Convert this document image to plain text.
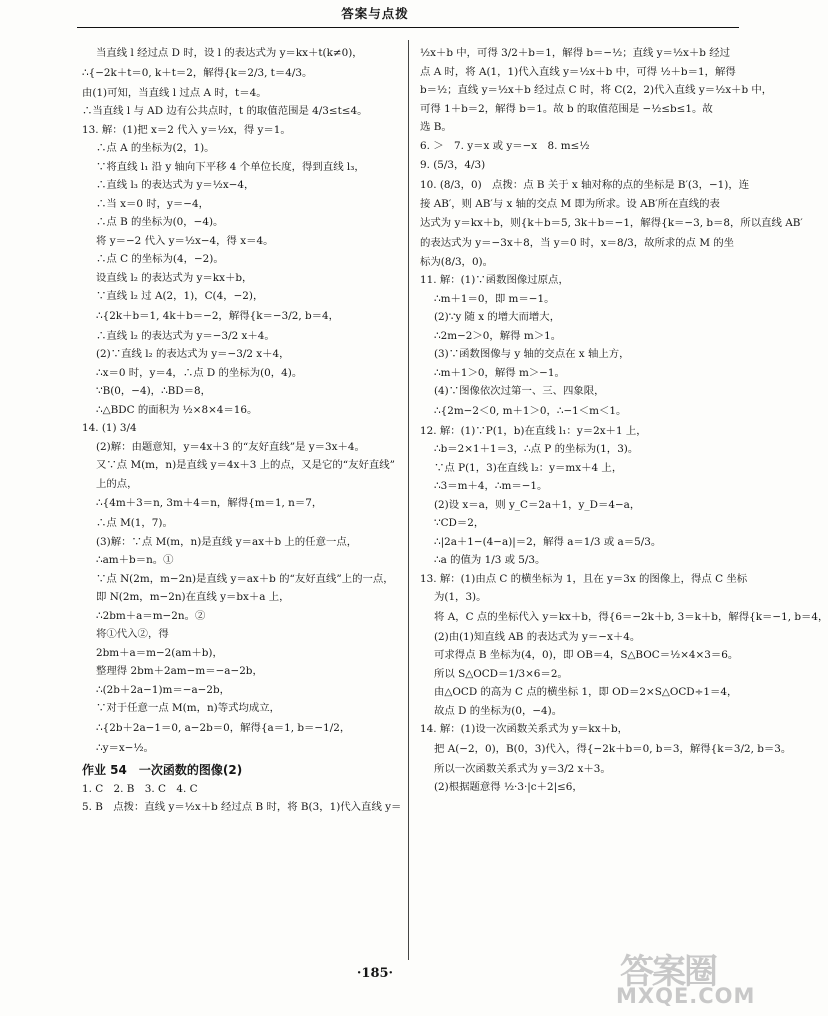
答案与点拨

当直线 l 经过点 D 时，设 l 的表达式为 y＝kx＋t(k≠0)，

∴{−2k＋t＝0, k＋t＝2，解得{k＝2/3, t＝4/3。

由(1)可知，当直线 l 过点 A 时，t＝4。

∴当直线 l 与 AD 边有公共点时，t 的取值范围是 4/3≤t≤4。

13. 解：(1)把 x＝2 代入 y＝½x，得 y＝1。

∴点 A 的坐标为(2，1)。

∵将直线 l₁ 沿 y 轴向下平移 4 个单位长度，得到直线 l₃，

∴直线 l₃ 的表达式为 y＝½x−4，

∴当 x＝0 时，y＝−4，

∴点 B 的坐标为(0，−4)。

将 y＝−2 代入 y＝½x−4，得 x＝4。

∴点 C 的坐标为(4，−2)。

设直线 l₂ 的表达式为 y＝kx＋b，

∵直线 l₂ 过 A(2，1)，C(4，−2)，

∴{2k＋b＝1, 4k＋b＝−2，解得{k＝−3/2, b＝4，

∴直线 l₂ 的表达式为 y＝−3/2 x＋4。

(2)∵直线 l₂ 的表达式为 y＝−3/2 x＋4，

∴x＝0 时，y＝4，∴点 D 的坐标为(0，4)。

∵B(0，−4)，∴BD＝8，

∴△BDC 的面积为 ½×8×4＝16。

14. (1) 3/4

(2)解：由题意知，y＝4x＋3 的“友好直线”是 y＝3x＋4。

又∵点 M(m，n)是直线 y＝4x＋3 上的点，又是它的“友好直线”

上的点，

∴{4m＋3＝n, 3m＋4＝n，解得{m＝1, n＝7，

∴点 M(1，7)。

(3)解：∵点 M(m，n)是直线 y＝ax＋b 上的任意一点，

∴am＋b＝n。①

∵点 N(2m，m−2n)是直线 y＝ax＋b 的“友好直线”上的一点，

即 N(2m，m−2n)在直线 y＝bx＋a 上，

∴2bm＋a＝m−2n。②

将①代入②，得

2bm＋a＝m−2(am＋b)，

整理得 2bm＋2am−m＝−a−2b，

∴(2b＋2a−1)m＝−a−2b，

∵对于任意一点 M(m，n)等式均成立，

∴{2b＋2a−1＝0, a−2b＝0，解得{a＝1, b＝−1/2，

∴y＝x−½。

作业 54　一次函数的图像(2)

1. C　2. B　3. C　4. C

5. B　点拨：直线 y＝½x＋b 经过点 B 时，将 B(3，1)代入直线 y＝

½x＋b 中，可得 3/2＋b＝1，解得 b＝−½；直线 y＝½x＋b 经过

点 A 时，将 A(1，1)代入直线 y＝½x＋b 中，可得 ½＋b＝1，解得

b＝½；直线 y＝½x＋b 经过点 C 时，将 C(2，2)代入直线 y＝½x＋b 中，

可得 1＋b＝2，解得 b＝1。故 b 的取值范围是 −½≤b≤1。故

选 B。

6. ＞　7. y＝x 或 y＝−x　8. m≤½

9. (5/3，4/3)

10. (8/3，0)　点拨：点 B 关于 x 轴对称的点的坐标是 B′(3，−1)，连

接 AB′，则 AB′与 x 轴的交点 M 即为所求。设 AB′所在直线的表

达式为 y＝kx＋b，则{k＋b＝5, 3k＋b＝−1，解得{k＝−3, b＝8，所以直线 AB′

的表达式为 y＝−3x＋8，当 y＝0 时，x＝8/3，故所求的点 M 的坐

标为(8/3，0)。

11. 解：(1)∵函数图像过原点，

∴m＋1＝0，即 m＝−1。

(2)∵y 随 x 的增大而增大，

∴2m−2＞0，解得 m＞1。

(3)∵函数图像与 y 轴的交点在 x 轴上方，

∴m＋1＞0，解得 m＞−1。

(4)∵图像依次过第一、三、四象限，

∴{2m−2＜0, m＋1＞0，∴−1＜m＜1。

12. 解：(1)∵P(1，b)在直线 l₁：y＝2x＋1 上，

∴b＝2×1＋1＝3，∴点 P 的坐标为(1，3)。

∵点 P(1，3)在直线 l₂：y＝mx＋4 上，

∴3＝m＋4，∴m＝−1。

(2)设 x＝a，则 y_C＝2a＋1，y_D＝4−a，

∵CD＝2，

∴|2a＋1−(4−a)|＝2，解得 a＝1/3 或 a＝5/3。

∴a 的值为 1/3 或 5/3。

13. 解：(1)由点 C 的横坐标为 1，且在 y＝3x 的图像上，得点 C 坐标

为(1，3)。

将 A，C 点的坐标代入 y＝kx＋b，得{6＝−2k＋b, 3＝k＋b，解得{k＝−1, b＝4，

(2)由(1)知直线 AB 的表达式为 y＝−x＋4。

可求得点 B 坐标为(4，0)，即 OB＝4，S△BOC＝½×4×3＝6。

所以 S△OCD＝1/3×6＝2。

由△OCD 的高为 C 点的横坐标 1，即 OD＝2×S△OCD÷1＝4，

故点 D 的坐标为(0，−4)。

14. 解：(1)设一次函数关系式为 y＝kx＋b，

把 A(−2，0)，B(0，3)代入，得{−2k＋b＝0, b＝3，解得{k＝3/2, b＝3。

所以一次函数关系式为 y＝3/2 x＋3。

(2)根据题意得 ½·3·|c＋2|≤6，

·185·	答案圈
MXQE.COM
